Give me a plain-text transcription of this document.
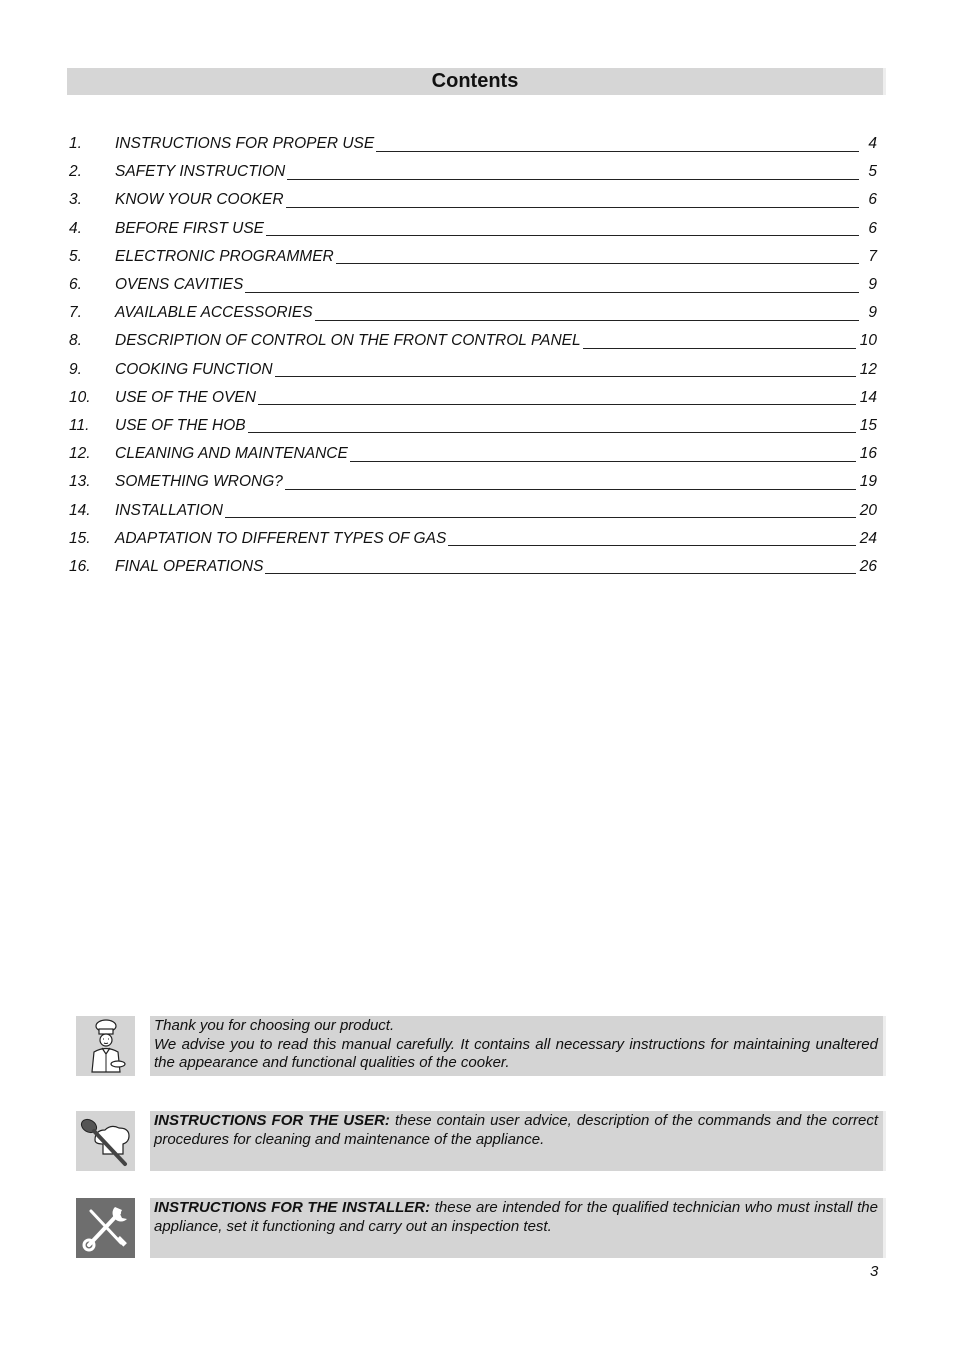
Contents
1.	INSTRUCTIONS FOR PROPER USE	4
2.	SAFETY INSTRUCTION	5
3.	KNOW YOUR COOKER	6
4.	BEFORE FIRST USE	6
5.	ELECTRONIC PROGRAMMER	7
6.	OVENS CAVITIES	9
7.	AVAILABLE ACCESSORIES	9
8.	DESCRIPTION OF CONTROL ON THE FRONT CONTROL PANEL	10
9.	COOKING FUNCTION	12
10.	USE OF THE OVEN	14
11.	USE OF THE HOB	15
12.	CLEANING AND MAINTENANCE	16
13.	SOMETHING WRONG?	19
14.	INSTALLATION	20
15.	ADAPTATION TO DIFFERENT TYPES OF GAS	24
16.	FINAL OPERATIONS	26
Thank you for choosing our product.
We advise you to read this manual carefully. It contains all necessary instructions for maintaining unaltered the appearance and functional qualities of the cooker.
INSTRUCTIONS FOR THE USER: these contain user advice, description of the commands and the correct procedures for cleaning and maintenance of the appliance.
INSTRUCTIONS FOR THE INSTALLER: these are intended for the qualified technician who must install the appliance, set it functioning and carry out an inspection test.
3
